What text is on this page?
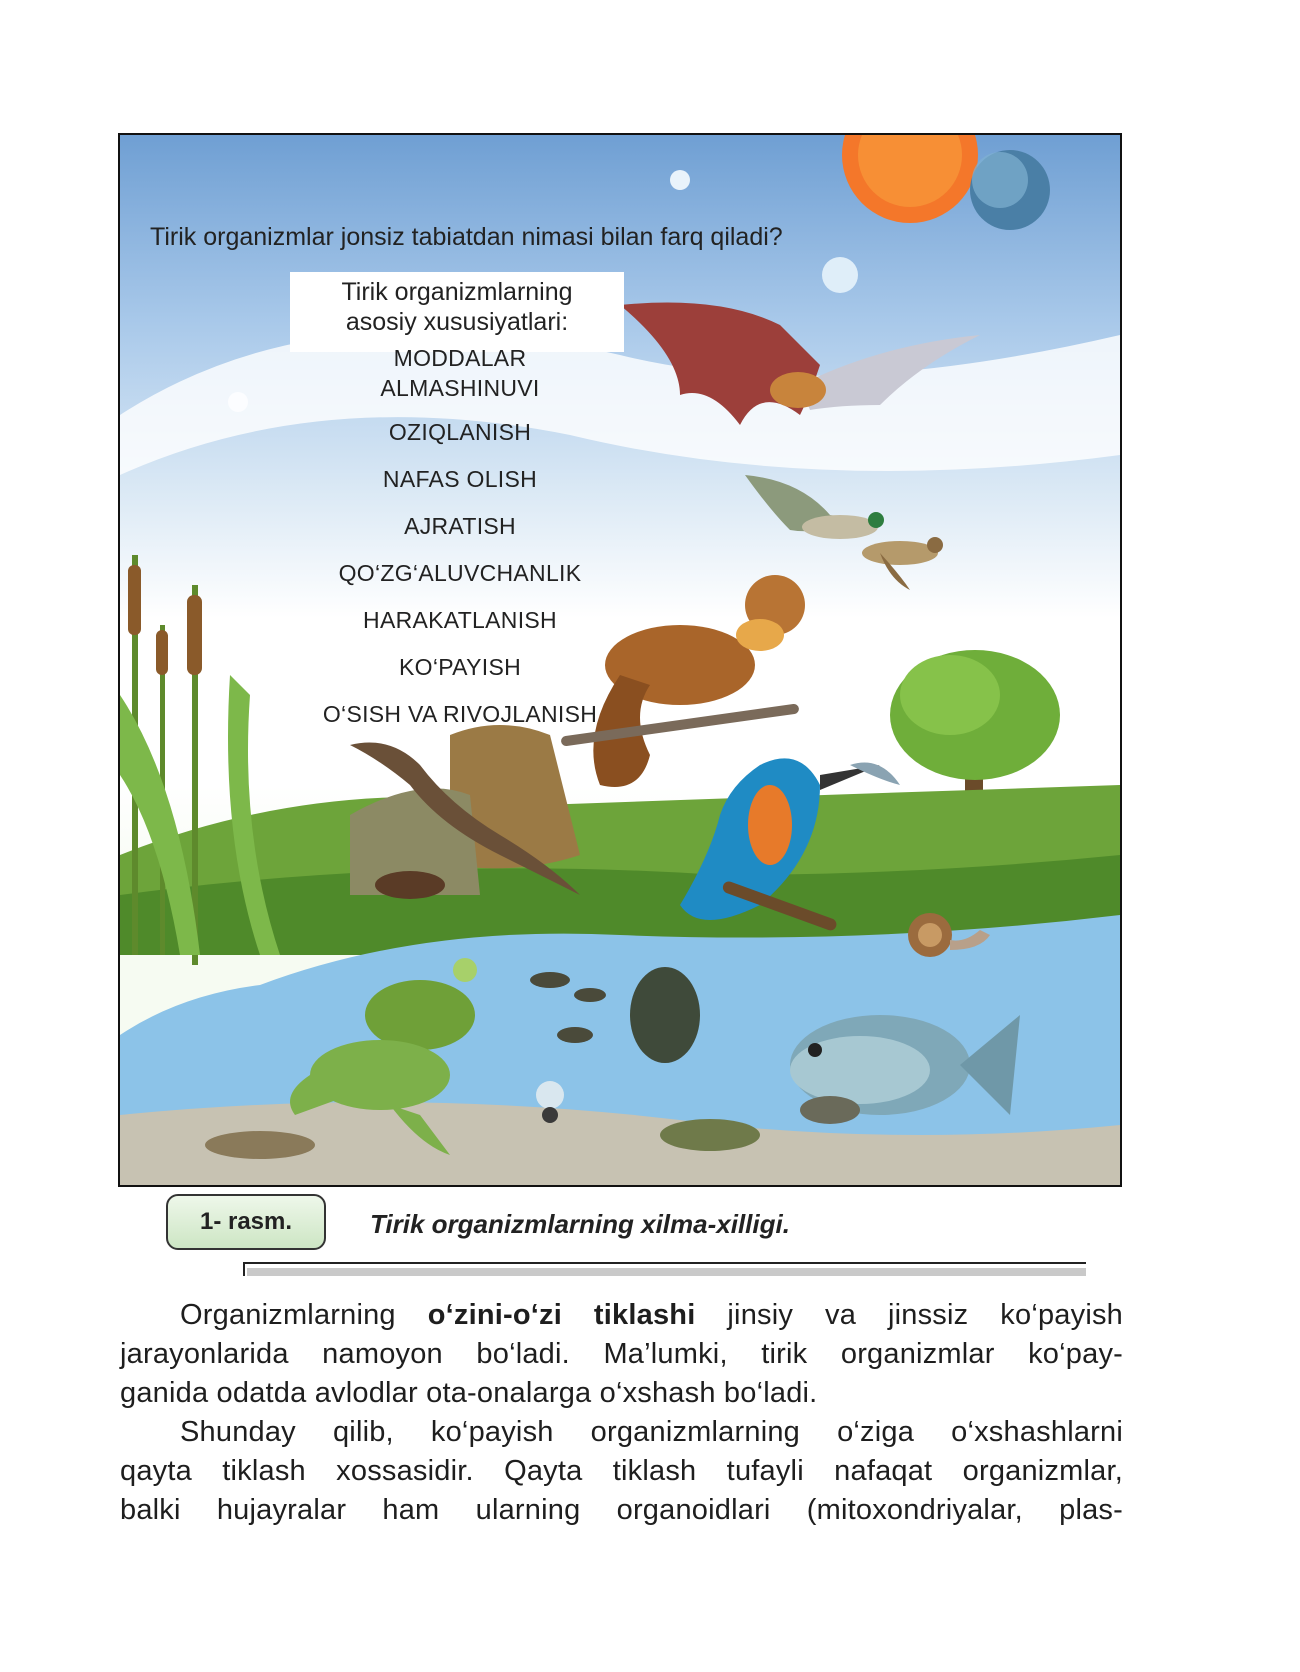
Tirik organizmlar jonsiz tabiatdan nimasi bilan farq qiladi?
Tirik organizmlarning
asosiy xususiyatlari:
MODDALAR
ALMASHINUVI
OZIQLANISH
NAFAS OLISH
AJRATISH
QO‘ZG‘ALUVCHANLIK
HARAKATLANISH
KO‘PAYISH
O‘SISH VA RIVOJLANISH
1- rasm.	Tirik organizmlarning xilma-xilligi.
Organizmlarning o‘zini-o‘zi tiklashi jinsiy va jinssiz ko‘payish
jarayonlarida namoyon bo‘ladi. Ma’lumki, tirik organizmlar ko‘pay-
ganida odatda avlodlar ota-onalarga o‘xshash bo‘ladi.
Shunday qilib, ko‘payish organizmlarning o‘ziga o‘xshashlarni
qayta tiklash xossasidir. Qayta tiklash tufayli nafaqat organizmlar,
balki hujayralar ham ularning organoidlari (mitoxondriyalar, plas-
